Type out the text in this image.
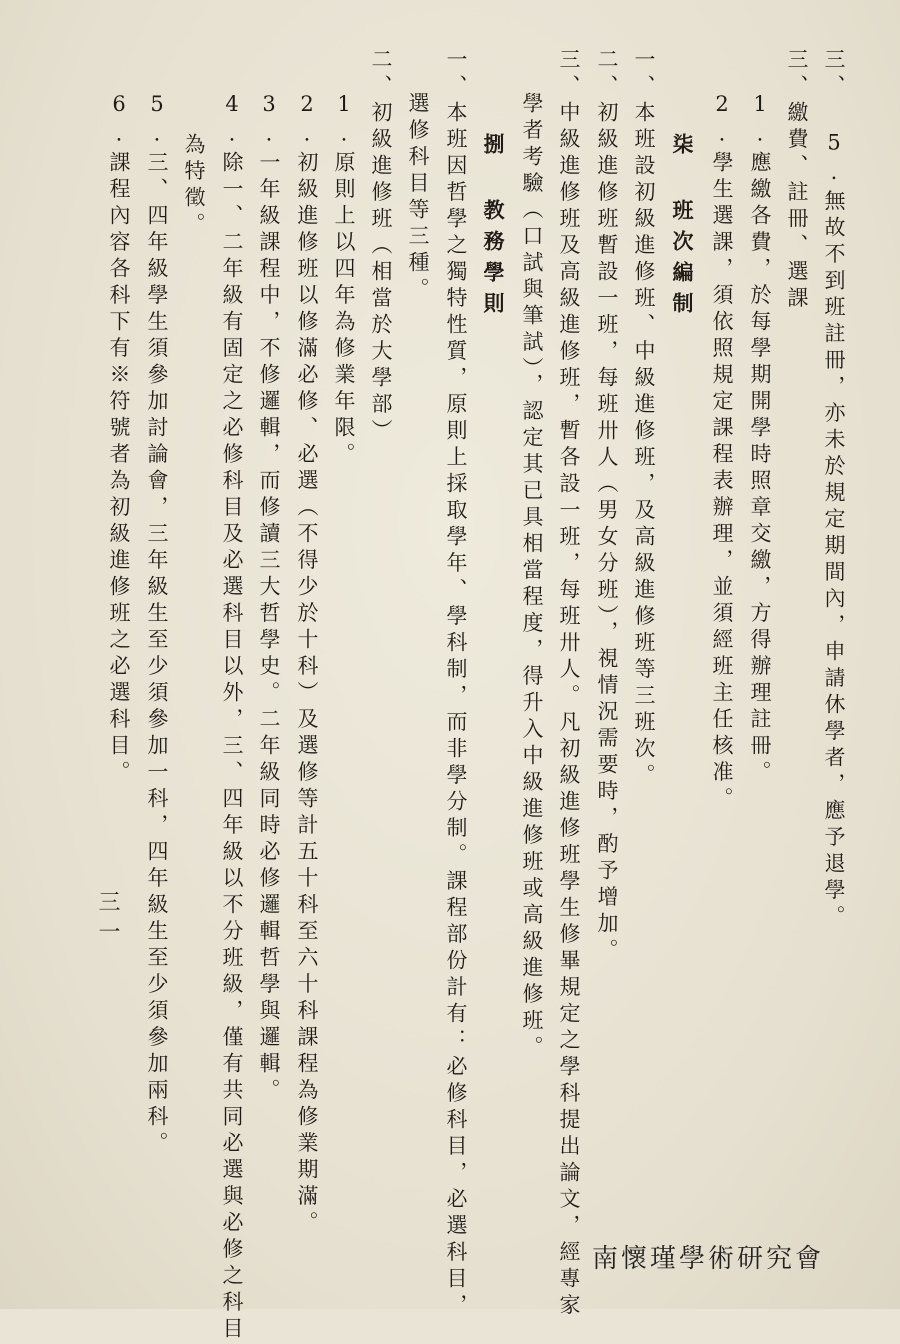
三、 5.無故不到班註冊，亦未於規定期間內，申請休學者，應予退學。
三、繳費、註冊、選課
1.應繳各費，於每學期開學時照章交繳，方得辦理註冊。
2.學生選課，須依照規定課程表辦理，並須經班主任核准。
柒 班次編制
一、本班設初級進修班、中級進修班，及高級進修班等三班次。
二、初級進修班暫設一班，每班卅人（男女分班），視情況需要時，酌予增加。
三、中級進修班及高級進修班，暫各設一班，每班卅人。凡初級進修班學生修畢規定之學科提出論文，經專家
學者考驗（口試與筆試），認定其已具相當程度，得升入中級進修班或高級進修班。
捌 教務學則
一、本班因哲學之獨特性質，原則上採取學年、學科制，而非學分制。課程部份計有：必修科目，必選科目，
選修科目等三種。
二、初級進修班（相當於大學部）
1.原則上以四年為修業年限。
2.初級進修班以修滿必修、必選（不得少於十科）及選修等計五十科至六十科課程為修業期滿。
3.一年級課程中，不修邏輯，而修讀三大哲學史。二年級同時必修邏輯哲學與邏輯。
4.除一、二年級有固定之必修科目及必選科目以外，三、四年級以不分班級，僅有共同必選與必修之科目
為特徵。
5.三、四年級學生須參加討論會，三年級生至少須參加一科，四年級生至少須參加兩科。
6.課程內容各科下有※符號者為初級進修班之必選科目。
三一
南懷瑾學術研究會
